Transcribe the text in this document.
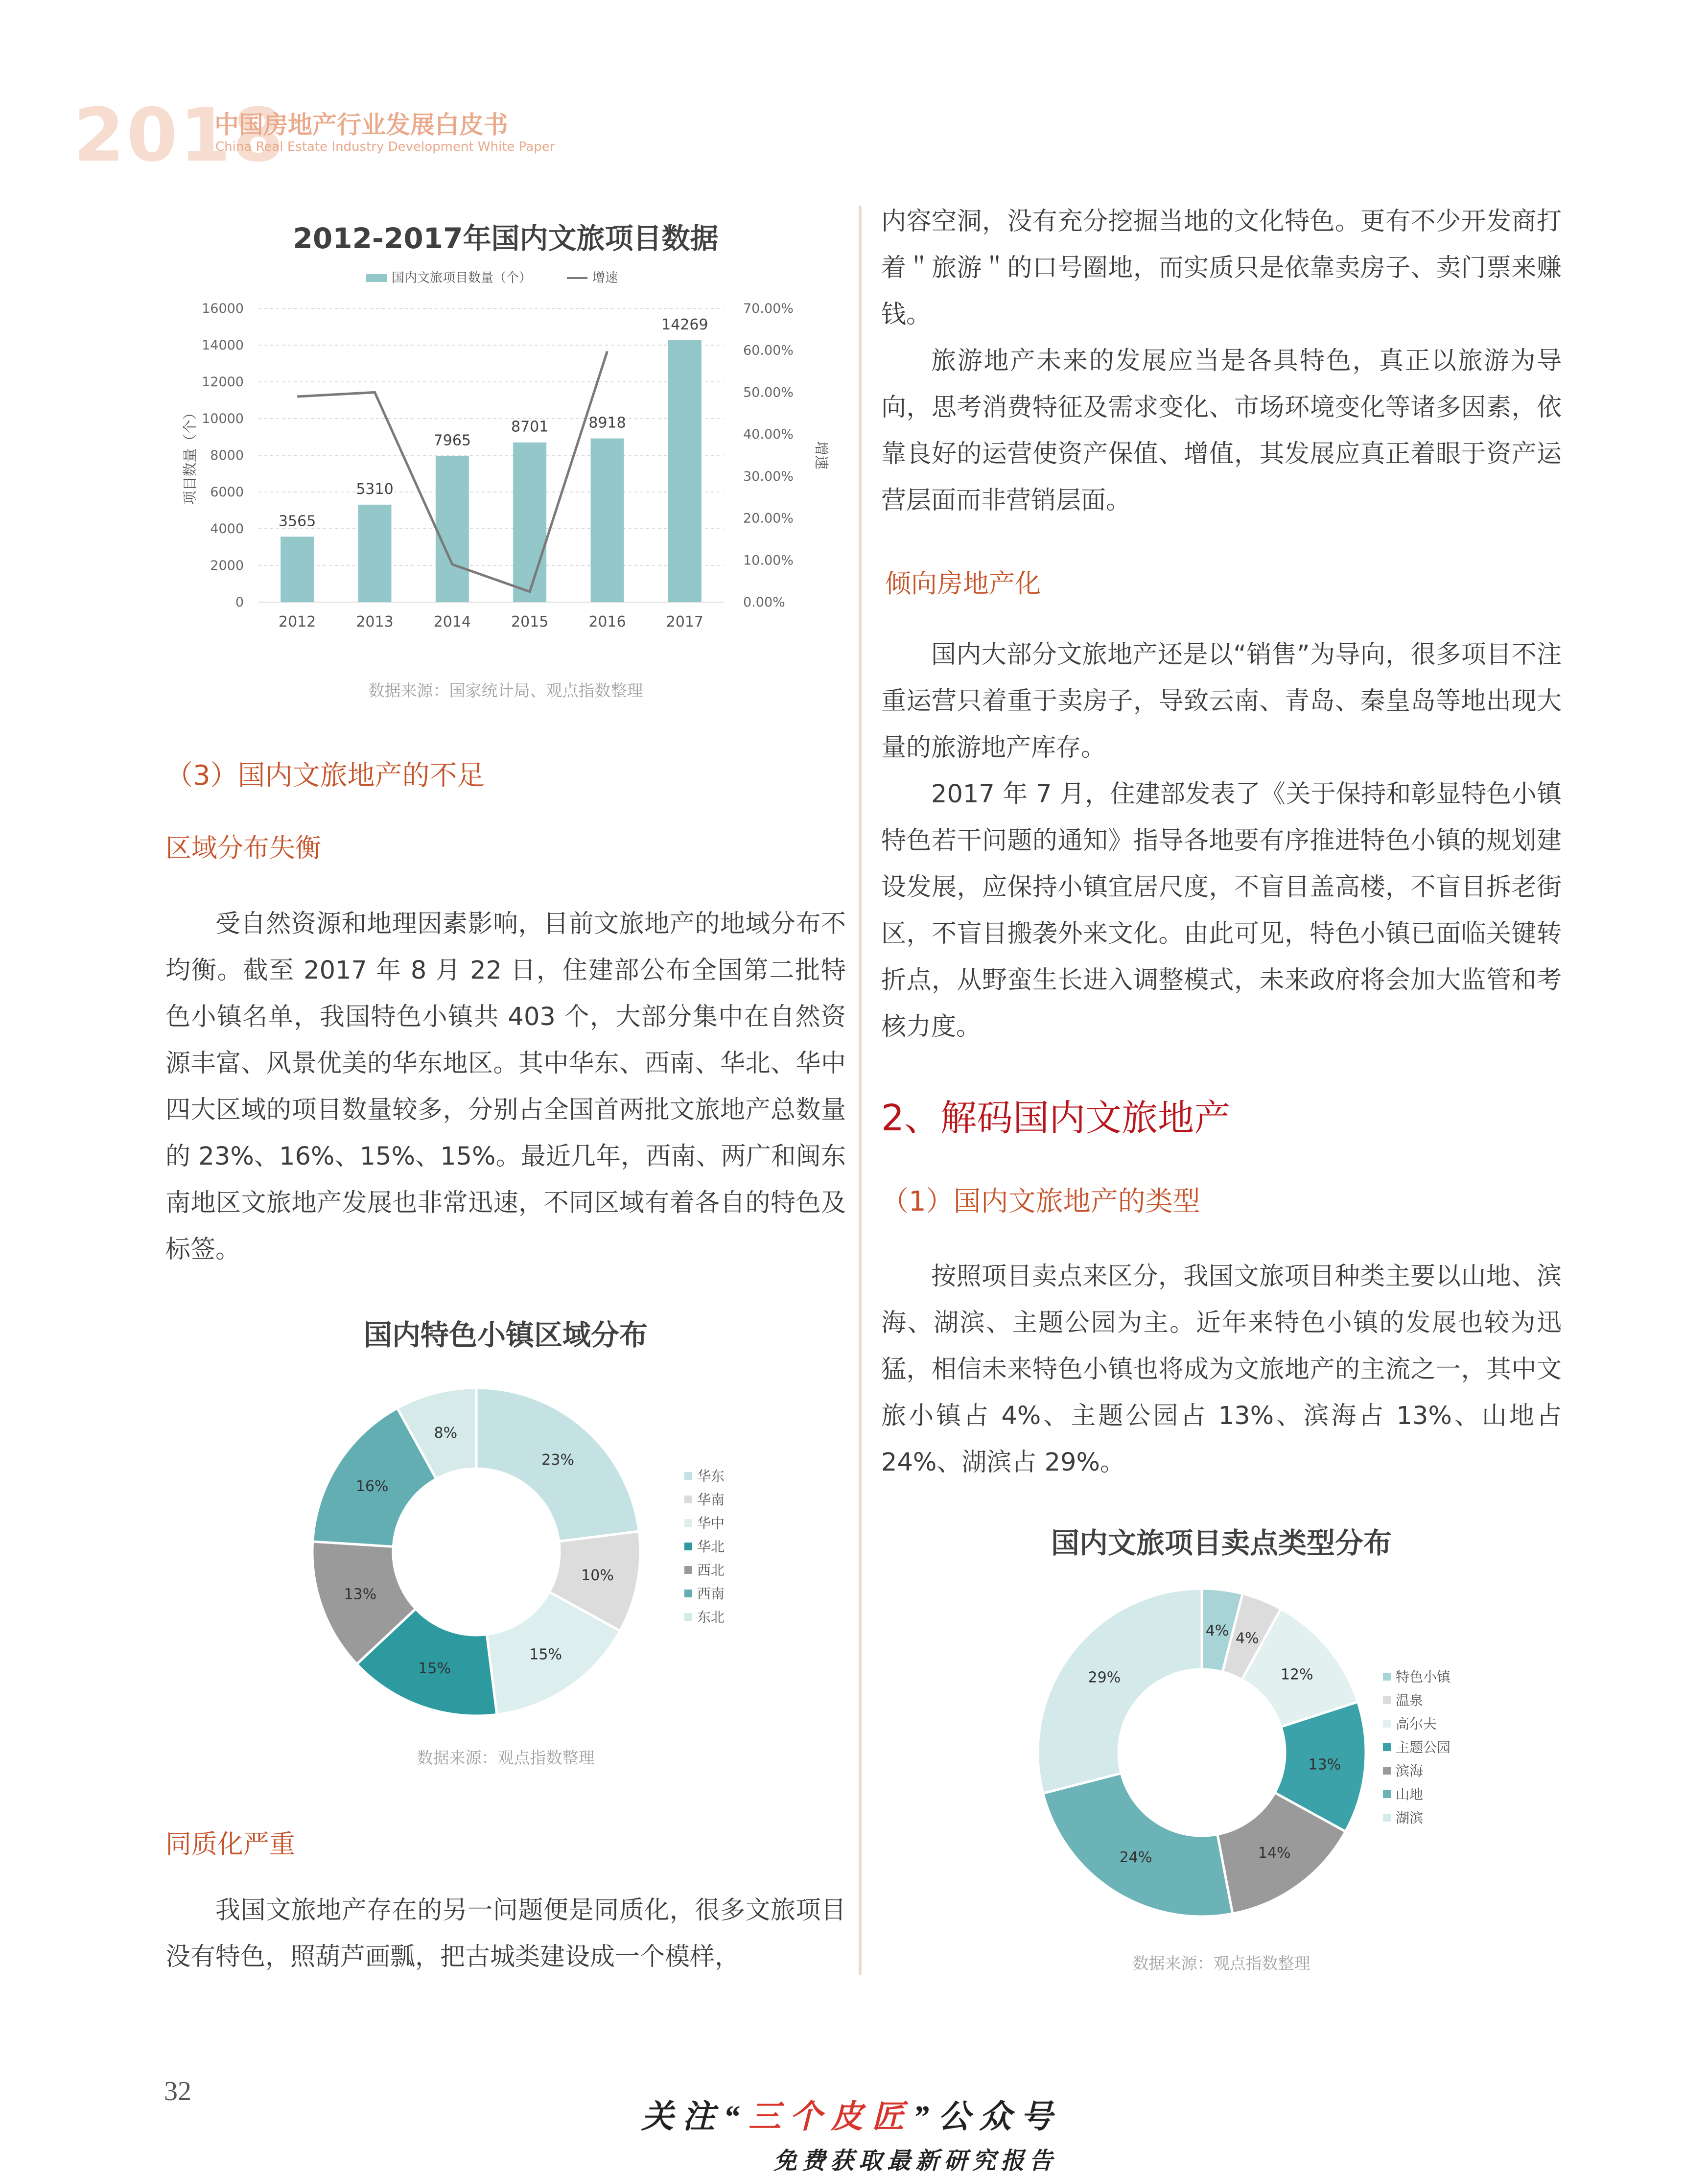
2018
中国房地产行业发展白皮书
China Real Estate Industry Development White Paper
2012-2017年国内文旅项目数据
国内文旅项目数量（个）	增速
0
2000
4000
6000
8000
10000
12000
14000
16000
0.00%
10.00%
20.00%
30.00%
40.00%
50.00%
60.00%
70.00%
项目数量（个）	增速
3565
2012
5310
2013
7965
2014
8701
2015
8918
2016
14269
2017
数据来源：国家统计局、观点指数整理
（3）国内文旅地产的不足
区域分布失衡

受自然资源和地理因素影响，目前文旅地产的地域分布不均衡。截至 2017 年 8 月 22 日，住建部公布全国第二批特色小镇名单，我国特色小镇共 403 个，大部分集中在自然资源丰富、风景优美的华东地区。其中华东、西南、华北、华中四大区域的项目数量较多，分别占全国首两批文旅地产总数量的 23%、16%、15%、15%。最近几年，西南、两广和闽东南地区文旅地产发展也非常迅速，不同区域有着各自的特色及标签。

国内特色小镇区域分布
23%
10%
15%
15%
13%
16%
8%
华东
华南
华中
华北
西北
西南
东北
数据来源：观点指数整理
同质化严重

我国文旅地产存在的另一问题便是同质化，很多文旅项目没有特色，照葫芦画瓢，把古城类建设成一个模样，

内容空洞，没有充分挖掘当地的文化特色。更有不少开发商打着＂旅游＂的口号圈地，而实质只是依靠卖房子、卖门票来赚钱。

旅游地产未来的发展应当是各具特色，真正以旅游为导向，思考消费特征及需求变化、市场环境变化等诸多因素，依靠良好的运营使资产保值、增值，其发展应真正着眼于资产运营层面而非营销层面。

倾向房地产化

国内大部分文旅地产还是以“销售”为导向，很多项目不注重运营只着重于卖房子，导致云南、青岛、秦皇岛等地出现大量的旅游地产库存。

2017 年 7 月，住建部发表了《关于保持和彰显特色小镇特色若干问题的通知》指导各地要有序推进特色小镇的规划建设发展，应保持小镇宜居尺度，不盲目盖高楼，不盲目拆老街区，不盲目搬袭外来文化。由此可见，特色小镇已面临关键转折点，从野蛮生长进入调整模式，未来政府将会加大监管和考核力度。

2、解码国内文旅地产
（1）国内文旅地产的类型

按照项目卖点来区分，我国文旅项目种类主要以山地、滨海、湖滨、主题公园为主。近年来特色小镇的发展也较为迅猛，相信未来特色小镇也将成为文旅地产的主流之一，其中文旅小镇占 4%、主题公园占 13%、滨海占 13%、山地占 24%、湖滨占 29%。

国内文旅项目卖点类型分布
4% 4%
12%
13%
14%
24%
29%	特色小镇
温泉
高尔夫
主题公园
滨海
山地
湖滨
数据来源：观点指数整理
32
关注“三个皮匠”公众号
免费获取最新研究报告
